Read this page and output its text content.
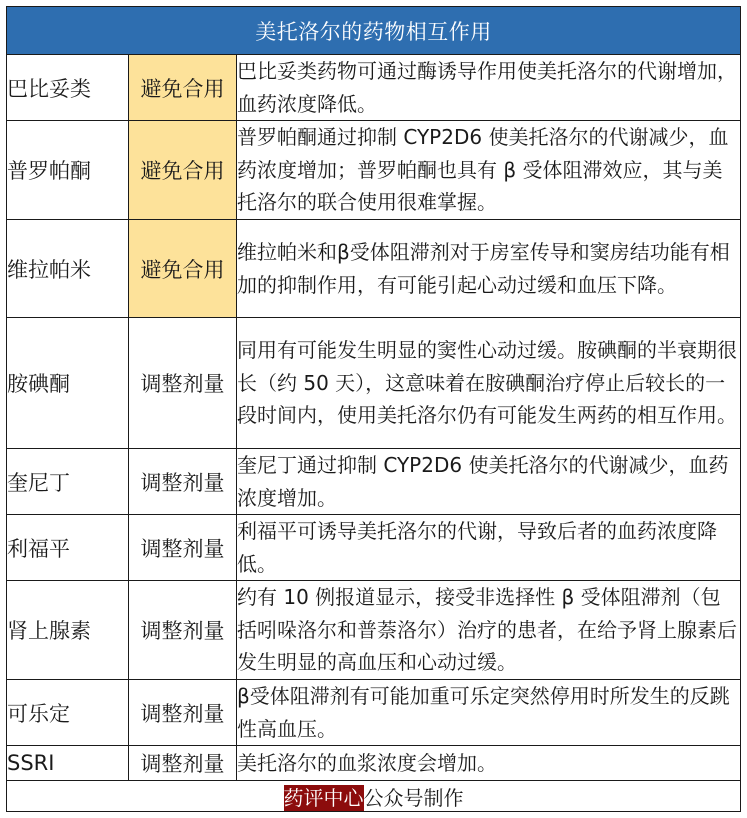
美托洛尔的药物相互作用		
巴比妥类	避免合用	巴比妥类药物可通过酶诱导作用使美托洛尔的代谢增加，血药浓度降低。
普罗帕酮	避免合用	普罗帕酮通过抑制 CYP2D6 使美托洛尔的代谢减少，血药浓度增加；普罗帕酮也具有 β 受体阻滞效应，其与美托洛尔的联合使用很难掌握。
维拉帕米	避免合用	维拉帕米和β受体阻滞剂对于房室传导和窦房结功能有相加的抑制作用，有可能引起心动过缓和血压下降。
胺碘酮	调整剂量	同用有可能发生明显的窦性心动过缓。胺碘酮的半衰期很长（约 50 天），这意味着在胺碘酮治疗停止后较长的一段时间内，使用美托洛尔仍有可能发生两药的相互作用。
奎尼丁	调整剂量	奎尼丁通过抑制 CYP2D6 使美托洛尔的代谢减少，血药浓度增加。
利福平	调整剂量	利福平可诱导美托洛尔的代谢，导致后者的血药浓度降低。
肾上腺素	调整剂量	约有 10 例报道显示，接受非选择性 β 受体阻滞剂（包括吲哚洛尔和普萘洛尔）治疗的患者，在给予肾上腺素后发生明显的高血压和心动过缓。
可乐定	调整剂量	β受体阻滞剂有可能加重可乐定突然停用时所发生的反跳性高血压。
SSRI	调整剂量	美托洛尔的血浆浓度会增加。
药评中心公众号制作		
